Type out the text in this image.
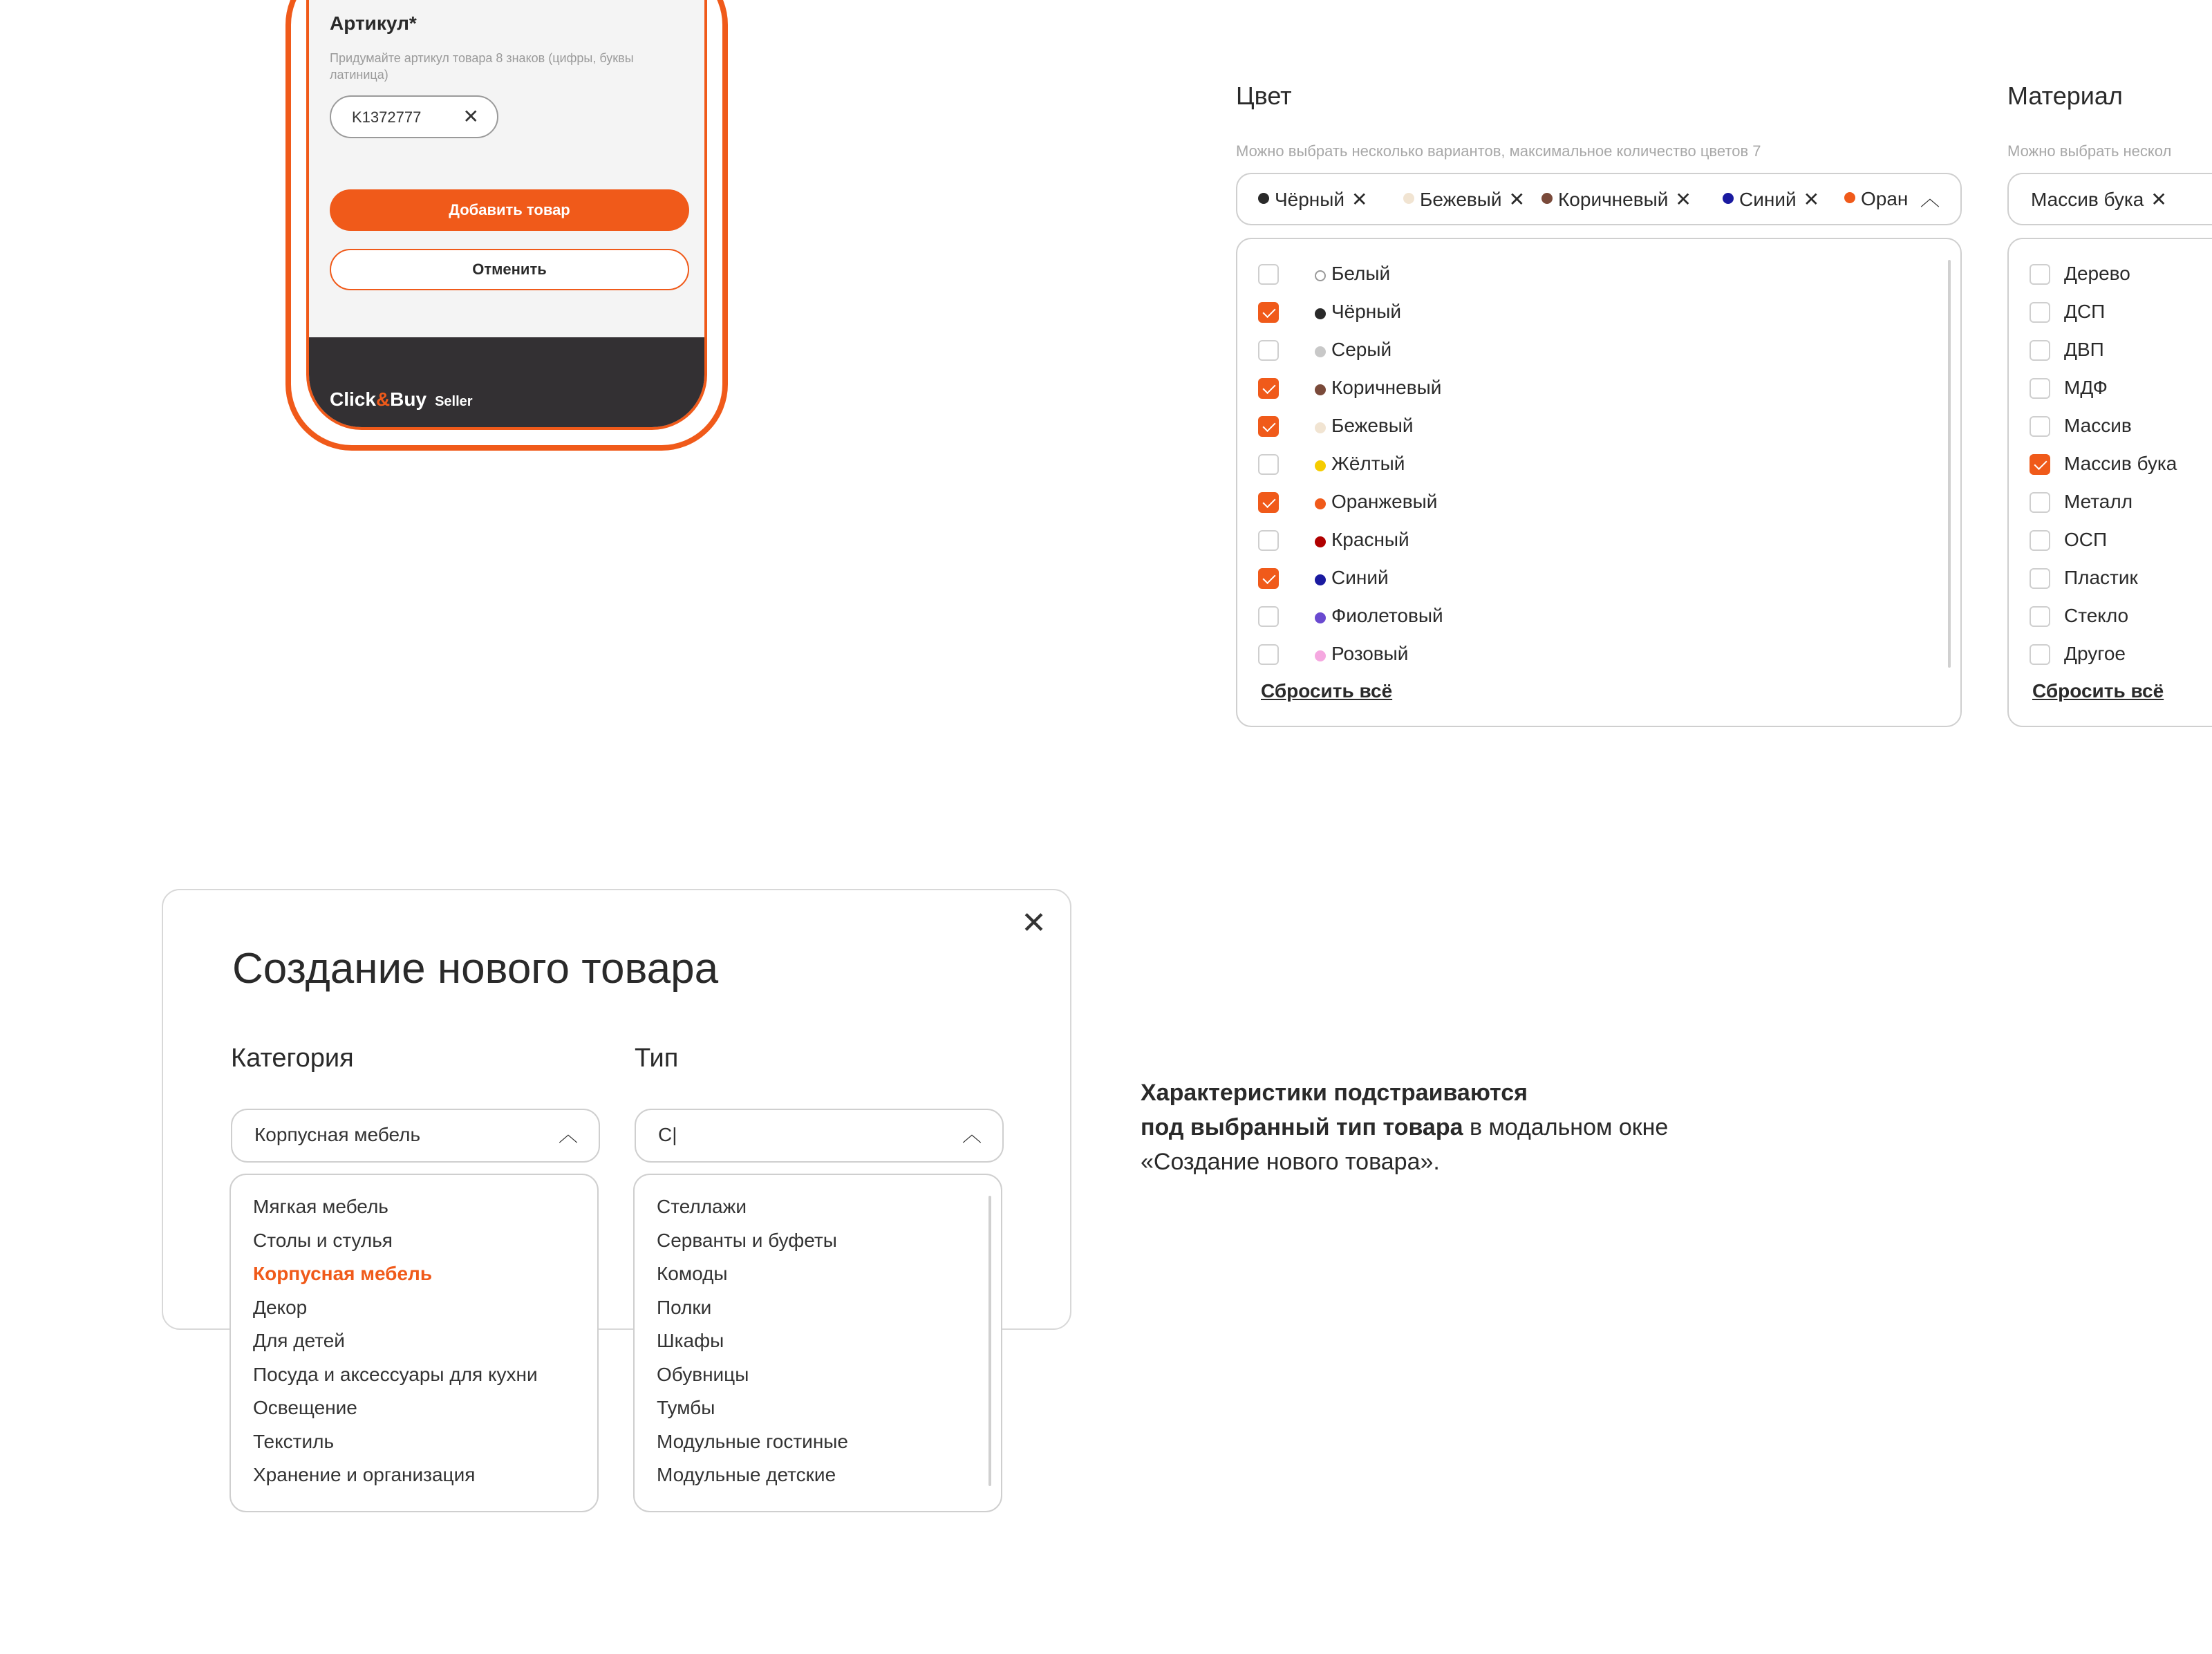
Артикул*
Придумайте артикул товара 8 знаков (цифры, буквы латиница)
K1372777 ✕
Добавить товар
Отменить
Click&Buy Seller
Цвет
Можно выбрать несколько вариантов, максимальное количество цветов 7
Чёрный ✕	Бежевый ✕	Коричневый ✕	Синий ✕	Оран ︿
Сбросить всё
Белый
Чёрный
Серый
Коричневый
Бежевый
Жёлтый
Оранжевый
Красный
Синий
Фиолетовый
Розовый
Материал
Можно выбрать нескол
Массив бука ✕
Сбросить всё
Дерево
ДСП
ДВП
МДФ
Массив
Массив бука
Металл
ОСП
Пластик
Стекло
Другое
Создание нового товара
✕
Категория	Тип
Корпусная мебель	︿	С|	︿
Мягкая мебель
Столы и стулья
Корпусная мебель
Декор
Для детей
Посуда и аксессуары для кухни
Освещение
Текстиль
Хранение и организация
Стеллажи
Серванты и буфеты
Комоды
Полки
Шкафы
Обувницы
Тумбы
Модульные гостиные
Модульные детские
Характеристики подстраиваются
под выбранный тип товара в модальном окне
«Создание нового товара».
